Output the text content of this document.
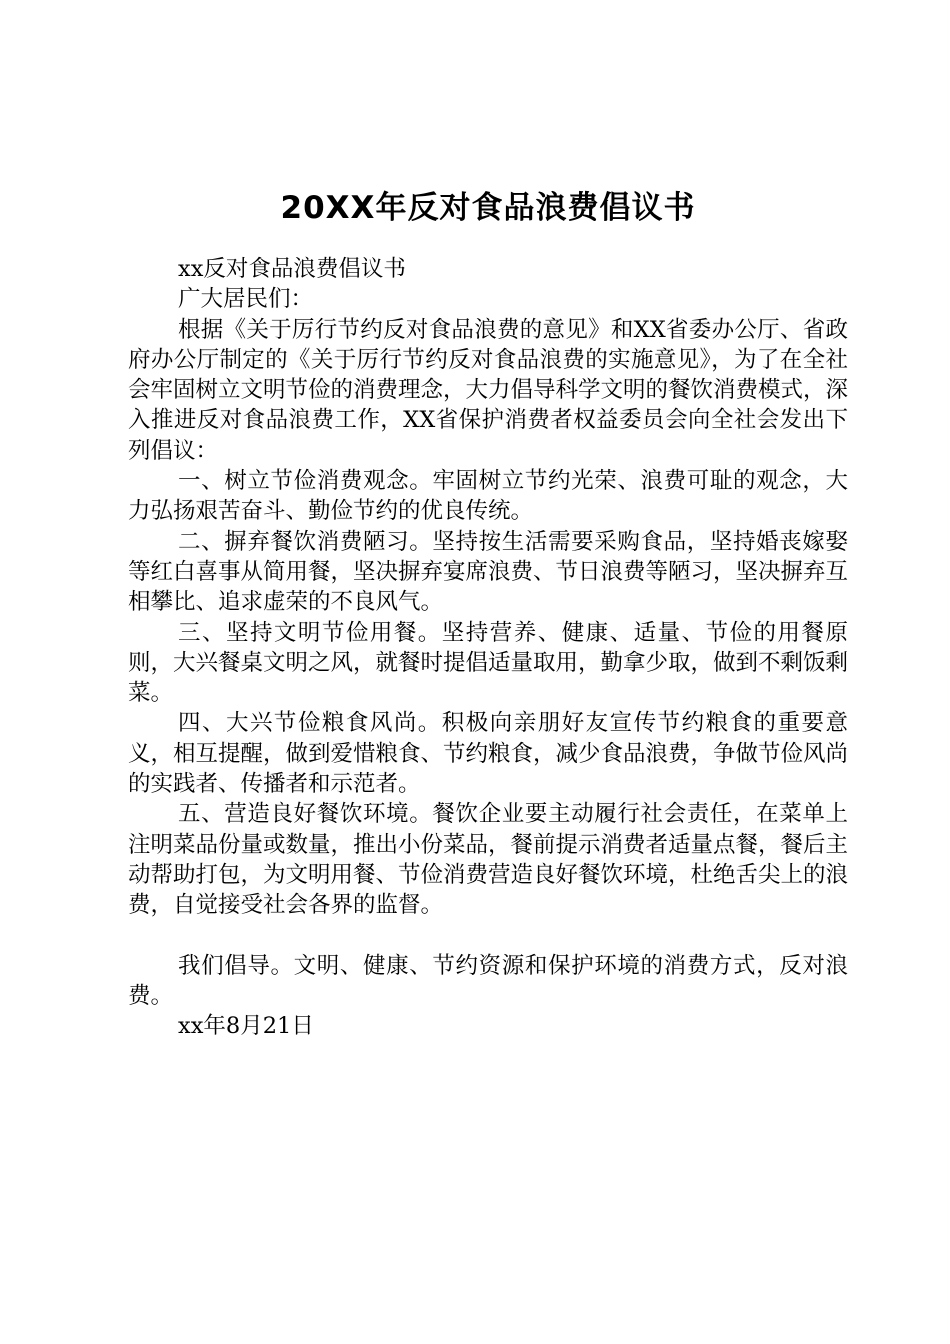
20XX年反对食品浪费倡议书

xx反对食品浪费倡议书

广大居民们：

根据《关于厉行节约反对食品浪费的意见》和XX省委办公厅、省政府办公厅制定的《关于厉行节约反对食品浪费的实施意见》，为了在全社会牢固树立文明节俭的消费理念，大力倡导科学文明的餐饮消费模式，深入推进反对食品浪费工作，XX省保护消费者权益委员会向全社会发出下列倡议：

一、树立节俭消费观念。牢固树立节约光荣、浪费可耻的观念，大力弘扬艰苦奋斗、勤俭节约的优良传统。

二、摒弃餐饮消费陋习。坚持按生活需要采购食品，坚持婚丧嫁娶等红白喜事从简用餐，坚决摒弃宴席浪费、节日浪费等陋习，坚决摒弃互相攀比、追求虚荣的不良风气。

三、坚持文明节俭用餐。坚持营养、健康、适量、节俭的用餐原则，大兴餐桌文明之风，就餐时提倡适量取用，勤拿少取，做到不剩饭剩菜。

四、大兴节俭粮食风尚。积极向亲朋好友宣传节约粮食的重要意义，相互提醒，做到爱惜粮食、节约粮食，减少食品浪费，争做节俭风尚的实践者、传播者和示范者。

五、营造良好餐饮环境。餐饮企业要主动履行社会责任，在菜单上注明菜品份量或数量，推出小份菜品，餐前提示消费者适量点餐，餐后主动帮助打包，为文明用餐、节俭消费营造良好餐饮环境，杜绝舌尖上的浪费，自觉接受社会各界的监督。

我们倡导。文明、健康、节约资源和保护环境的消费方式，反对浪费。

xx年8月21日
